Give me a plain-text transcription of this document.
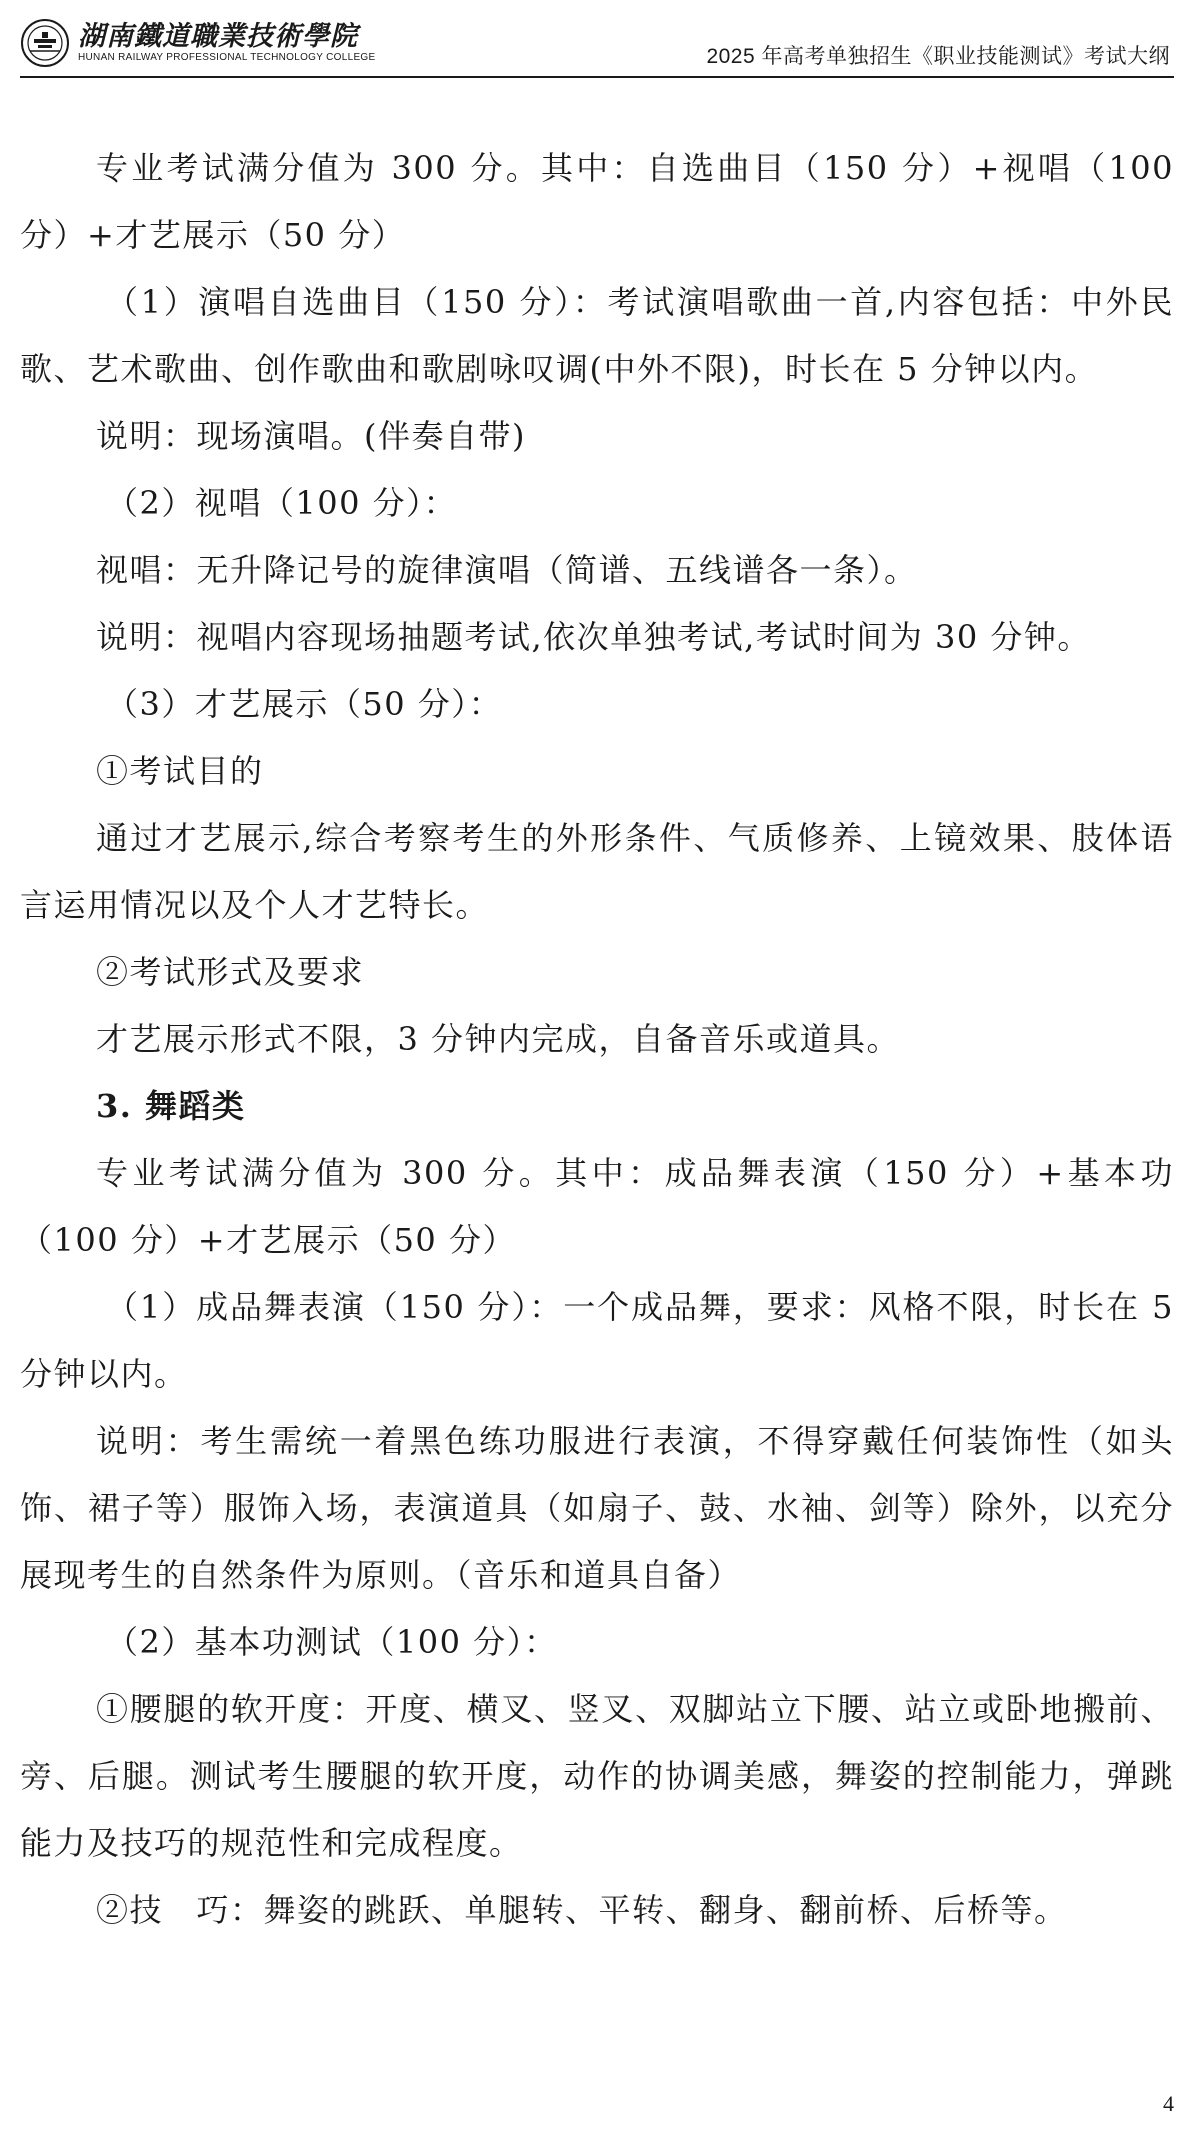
湖南鐵道職業技術學院
HUNAN RAILWAY PROFESSIONAL TECHNOLOGY COLLEGE	2025 年高考单独招生《职业技能测试》考试大纲

专业考试满分值为 300 分。其中：自选曲目（150 分）+视唱（100 分）+才艺展示（50 分）

（1）演唱自选曲目（150 分）：考试演唱歌曲一首,内容包括：中外民歌、艺术歌曲、创作歌曲和歌剧咏叹调(中外不限)，时长在 5 分钟以内。

说明：现场演唱。(伴奏自带)

（2）视唱（100 分）：

视唱：无升降记号的旋律演唱（简谱、五线谱各一条）。

说明：视唱内容现场抽题考试,依次单独考试,考试时间为 30 分钟。

（3）才艺展示（50 分）：

①考试目的

通过才艺展示,综合考察考生的外形条件、气质修养、上镜效果、肢体语言运用情况以及个人才艺特长。

②考试形式及要求

才艺展示形式不限，3 分钟内完成，自备音乐或道具。

3. 舞蹈类

专业考试满分值为 300 分。其中：成品舞表演（150 分）+基本功（100 分）+才艺展示（50 分）

（1）成品舞表演（150 分）：一个成品舞，要求：风格不限，时长在 5 分钟以内。

说明：考生需统一着黑色练功服进行表演，不得穿戴任何装饰性（如头饰、裙子等）服饰入场，表演道具（如扇子、鼓、水袖、剑等）除外，以充分展现考生的自然条件为原则。（音乐和道具自备）

（2）基本功测试（100 分）：

①腰腿的软开度：开度、横叉、竖叉、双脚站立下腰、站立或卧地搬前、旁、后腿。测试考生腰腿的软开度，动作的协调美感，舞姿的控制能力，弹跳能力及技巧的规范性和完成程度。

②技　巧：舞姿的跳跃、单腿转、平转、翻身、翻前桥、后桥等。

4
